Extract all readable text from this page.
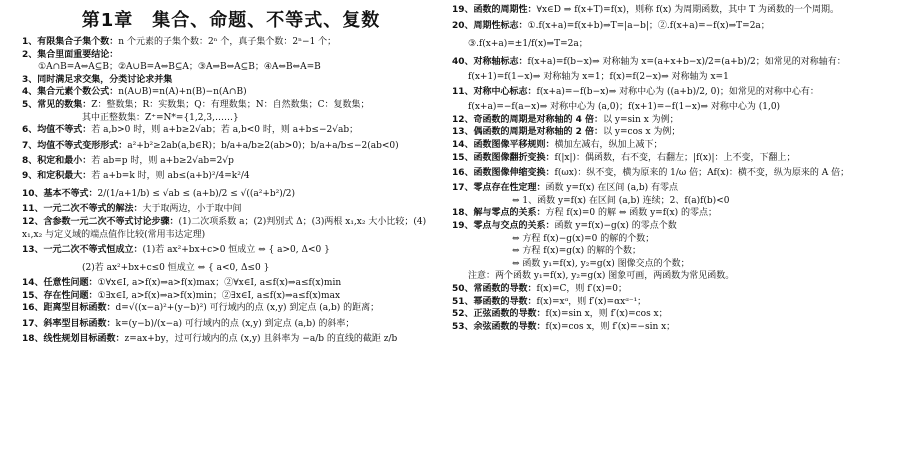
第1章　集合、命题、不等式、复数
1、有限集合子集个数：n 个元素的子集个数：2ⁿ 个，真子集个数：2ⁿ−1 个；
2、集合里面重要结论：
①A∩B=A⇔A⊆B；②A∪B=A⇔B⊆A；③A⇒B⇔A⊆B；④A⇔B⇔A=B
3、同时满足求交集，分类讨论求并集
4、集合元素个数公式：n(A∪B)=n(A)+n(B)−n(A∩B)
5、常见的数集：Z：整数集；R：实数集；Q：有理数集；N：自然数集；C：复数集；
其中正整数集：Z⁺=N*={1,2,3,……}
6、均值不等式：若 a,b>0 时，则 a+b≥2√ab；若 a,b<0 时，则 a+b≤−2√ab；
7、均值不等式变形形式：a²+b²≥2ab(a,b∈R)；b/a+a/b≥2(ab>0)；b/a+a/b≤−2(ab<0)
8、积定和最小：若 ab=p 时，则 a+b≥2√ab=2√p
9、和定积最大：若 a+b=k 时，则 ab≤(a+b)²/4=k²/4
10、基本不等式：2/(1/a+1/b) ≤ √ab ≤ (a+b)/2 ≤ √((a²+b²)/2)
11、一元二次不等式的解法：大于取两边，小于取中间
12、含参数一元二次不等式讨论步骤：(1)二次项系数 a；(2)判别式 Δ；(3)两根 x₁,x₂ 大小比较；(4)
x₁,x₂ 与定义域的端点值作比较(常用韦达定理)
13、一元二次不等式恒成立：(1)若 ax²+bx+c>0 恒成立 ⇔ { a>0, Δ<0 }
(2)若 ax²+bx+c≤0 恒成立 ⇔ { a<0, Δ≤0 }
14、任意性问题：①∀x∈I, a>f(x)⇒a>f(x)max；②∀x∈I, a≤f(x)⇒a≤f(x)min
15、存在性问题：①∃x∈I, a>f(x)⇒a>f(x)min；②∃x∈I, a≤f(x)⇒a≤f(x)max
16、距离型目标函数：d=√((x−a)²+(y−b)²) 可行域内的点 (x,y) 到定点 (a,b) 的距离；
17、斜率型目标函数：k=(y−b)/(x−a) 可行域内的点 (x,y) 到定点 (a,b) 的斜率；
18、线性规划目标函数：z=ax+by，过可行域内的点 (x,y) 且斜率为 −a/b 的直线的截距 z/b
19、函数的周期性：∀x∈D ⇒ f(x+T)=f(x)，则称 f(x) 为周期函数，其中 T 为函数的一个周期。
20、周期性标志：①.f(x+a)=f(x+b)⇒T=|a−b|；②.f(x+a)=−f(x)⇒T=2a；
③.f(x+a)=±1/f(x)⇒T=2a；
40、对称轴标志：f(x+a)=f(b−x)⇒ 对称轴为 x=(a+x+b−x)/2=(a+b)/2；如常见的对称轴有：
f(x+1)=f(1−x)⇒ 对称轴为 x=1；f(x)=f(2−x)⇒ 对称轴为 x=1
11、对称中心标志：f(x+a)=−f(b−x)⇒ 对称中心为 ((a+b)/2, 0)；如常见的对称中心有：
f(x+a)=−f(a−x)⇒ 对称中心为 (a,0)；f(x+1)=−f(1−x)⇒ 对称中心为 (1,0)
12、奇函数的周期是对称轴的 4 倍：以 y=sin x 为例；
13、偶函数的周期是对称轴的 2 倍：以 y=cos x 为例；
14、函数图像平移规则：横加左减右，纵加上减下；
15、函数图像翻折变换：f(|x|)：偶函数，右不变，右翻左；|f(x)|：上不变，下翻上；
16、函数图像伸缩变换：f(ωx)：纵不变，横为原来的 1/ω 倍；Af(x)：横不变，纵为原来的 A 倍；
17、零点存在性定理：函数 y=f(x) 在区间 (a,b) 有零点
⇔ 1、函数 y=f(x) 在区间 (a,b) 连续；2、f(a)f(b)<0
18、解与零点的关系：方程 f(x)=0 的解 ⇔ 函数 y=f(x) 的零点；
19、零点与交点的关系：函数 y=f(x)−g(x) 的零点个数
⇔ 方程 f(x)−g(x)=0 的解的个数；
⇔ 方程 f(x)=g(x) 的解的个数；
⇔ 函数 y₁=f(x), y₂=g(x) 图像交点的个数；
注意：两个函数 y₁=f(x), y₂=g(x) 图象可画，两函数为常见函数。
50、常函数的导数：f(x)=C，则 f′(x)=0；
51、幂函数的导数：f(x)=xᵅ，则 f′(x)=αxᵅ⁻¹；
52、正弦函数的导数：f(x)=sin x，则 f′(x)=cos x；
53、余弦函数的导数：f(x)=cos x，则 f′(x)=−sin x；
